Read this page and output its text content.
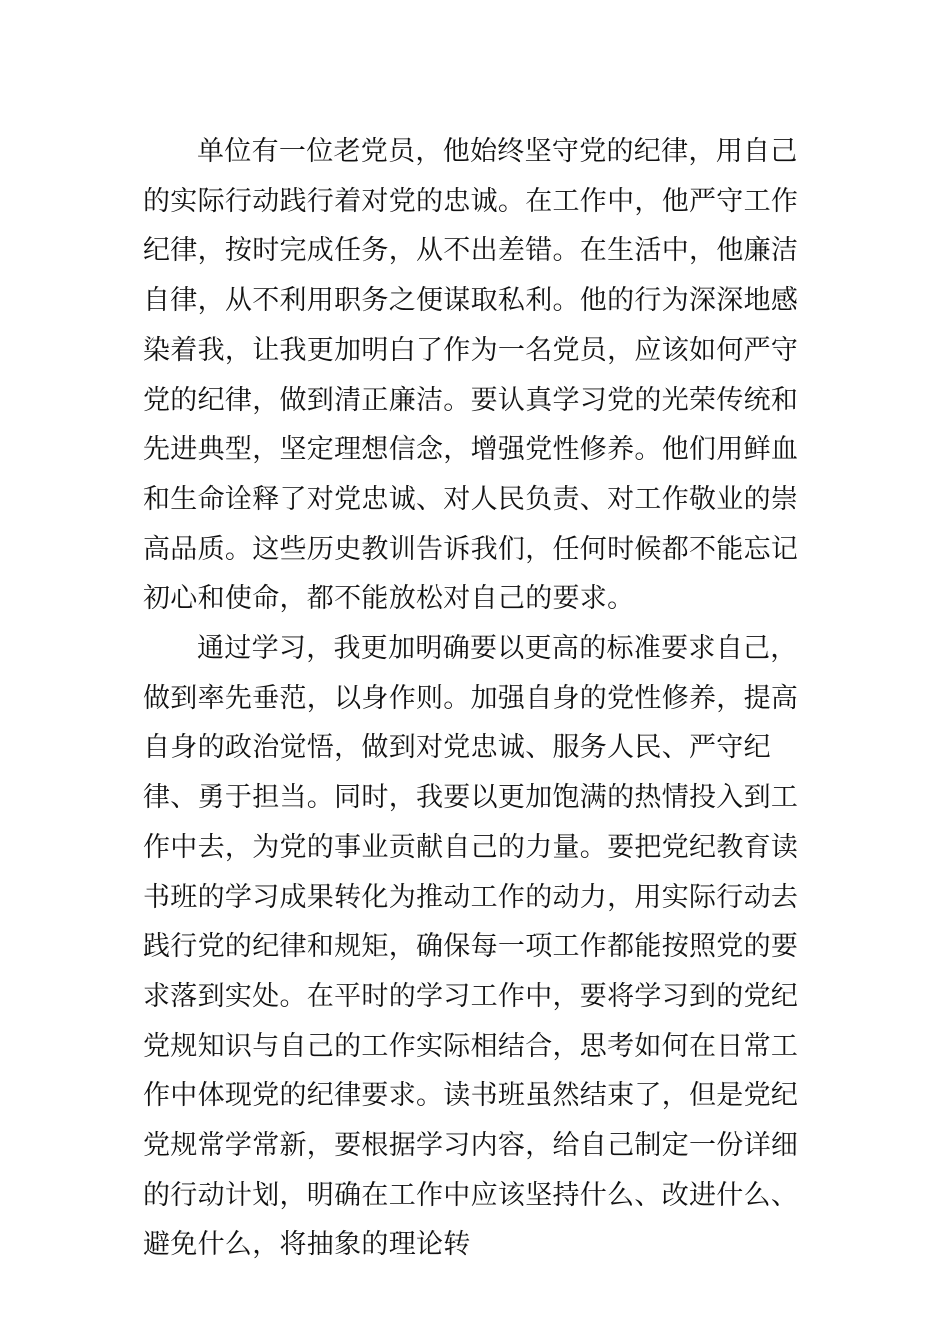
单位有一位老党员，他始终坚守党的纪律，用自己的实际行动践行着对党的忠诚。在工作中，他严守工作纪律，按时完成任务，从不出差错。在生活中，他廉洁自律，从不利用职务之便谋取私利。他的行为深深地感染着我，让我更加明白了作为一名党员，应该如何严守党的纪律，做到清正廉洁。要认真学习党的光荣传统和先进典型，坚定理想信念，增强党性修养。他们用鲜血和生命诠释了对党忠诚、对人民负责、对工作敬业的崇高品质。这些历史教训告诉我们，任何时候都不能忘记初心和使命，都不能放松对自己的要求。

通过学习，我更加明确要以更高的标准要求自己，做到率先垂范，以身作则。加强自身的党性修养，提高自身的政治觉悟，做到对党忠诚、服务人民、严守纪律、勇于担当。同时，我要以更加饱满的热情投入到工作中去，为党的事业贡献自己的力量。要把党纪教育读书班的学习成果转化为推动工作的动力，用实际行动去践行党的纪律和规矩，确保每一项工作都能按照党的要求落到实处。在平时的学习工作中，要将学习到的党纪党规知识与自己的工作实际相结合，思考如何在日常工作中体现党的纪律要求。读书班虽然结束了，但是党纪党规常学常新，要根据学习内容，给自己制定一份详细的行动计划，明确在工作中应该坚持什么、改进什么、避免什么，将抽象的理论转
